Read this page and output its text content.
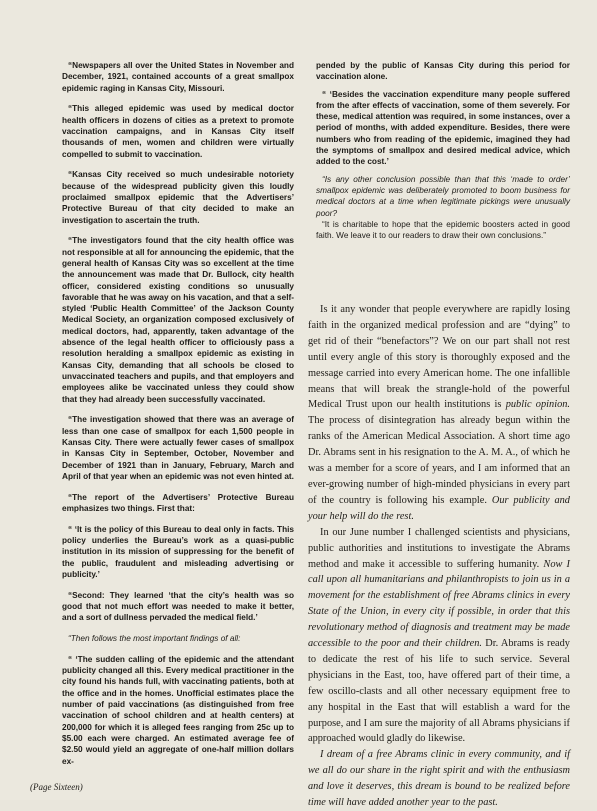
“Newspapers all over the United States in November and December, 1921, contained accounts of a great smallpox epidemic raging in Kansas City, Missouri.

“This alleged epidemic was used by medical doctor health officers in dozens of cities as a pretext to promote vaccination campaigns, and in Kansas City itself thousands of men, women and children were virtually compelled to submit to vaccination.

“Kansas City received so much undesirable notoriety because of the widespread publicity given this loudly proclaimed smallpox epidemic that the Advertisers’ Protective Bureau of that city decided to make an investigation to ascertain the truth.

“The investigators found that the city health office was not responsible at all for announcing the epidemic, that the general health of Kansas City was so excellent at the time the announcement was made that Dr. Bullock, city health officer, considered existing conditions so unusually favorable that he was away on his vacation, and that a self-styled ‘Public Health Committee’ of the Jackson County Medical Society, an organization composed exclusively of medical doctors, had, apparently, taken advantage of the absence of the legal health officer to officiously pass a resolution heralding a smallpox epidemic as existing in Kansas City, demanding that all schools be closed to unvaccinated teachers and pupils, and that employers and employees alike be vaccinated unless they could show that they had already been successfully vaccinated.

“The investigation showed that there was an average of less than one case of smallpox for each 1,500 people in Kansas City. There were actually fewer cases of smallpox in Kansas City in September, October, November and December of 1921 than in January, February, March and April of that year when an epidemic was not even hinted at.

“The report of the Advertisers’ Protective Bureau emphasizes two things. First that:

“ ‘It is the policy of this Bureau to deal only in facts. This policy underlies the Bureau’s work as a quasi-public institution in its mission of suppressing for the benefit of the public, fraudulent and misleading advertising or publicity.’

“Second: They learned ‘that the city’s health was so good that not much effort was needed to make it better, and a sort of dullness pervaded the medical field.’

“Then follows the most important findings of all:

“ ‘The sudden calling of the epidemic and the attendant publicity changed all this. Every medical practitioner in the city found his hands full, with vaccinating patients, both at the office and in the homes. Unofficial estimates place the number of paid vaccinations (as distinguished from free vaccination of school children and at health centers) at 200,000 for which it is alleged fees ranging from 25c up to $5.00 each were charged. An estimated average fee of $2.50 would yield an aggregate of one-half million dollars ex-

pended by the public of Kansas City during this period for vaccination alone.

“ ‘Besides the vaccination expenditure many people suffered from the after effects of vaccination, some of them severely. For these, medical attention was required, in some instances, over a period of months, with added expenditure. Besides, there were numbers who from reading of the epidemic, imagined they had the symptoms of smallpox and desired medical advice, which added to the cost.’

“Is any other conclusion possible than that this ‘made to order’ smallpox epidemic was deliberately promoted to boom business for medical doctors at a time when legitimate pickings were unusually poor?

“It is charitable to hope that the epidemic boosters acted in good faith. We leave it to our readers to draw their own conclusions.”

Is it any wonder that people everywhere are rapidly losing faith in the organized medical profession and are “dying” to get rid of their “benefactors”? We on our part shall not rest until every angle of this story is thoroughly exposed and the message carried into every American home. The one infallible means that will break the strangle-hold of the powerful Medical Trust upon our health institutions is public opinion. The process of disintegration has already begun within the ranks of the American Medical Association. A short time ago Dr. Abrams sent in his resignation to the A. M. A., of which he was a member for a score of years, and I am informed that an ever-growing number of high-minded physicians in every part of the country is following his example. Our publicity and your help will do the rest.

In our June number I challenged scientists and physicians, public authorities and institutions to investigate the Abrams method and make it accessible to suffering humanity. Now I call upon all humanitarians and philanthropists to join us in a movement for the establishment of free Abrams clinics in every State of the Union, in every city if possible, in order that this revolutionary method of diagnosis and treatment may be made accessible to the poor and their children. Dr. Abrams is ready to dedicate the rest of his life to such service. Several physicians in the East, too, have offered part of their time, a few oscillo-clasts and all other necessary equipment free to any hospital in the East that will establish a ward for the purpose, and I am sure the majority of all Abrams physicians if approached would gladly do likewise.

I dream of a free Abrams clinic in every community, and if we all do our share in the right spirit and with the enthusiasm and love it deserves, this dream is bound to be realized before time will have added another year to the past.

(Page Sixteen)
